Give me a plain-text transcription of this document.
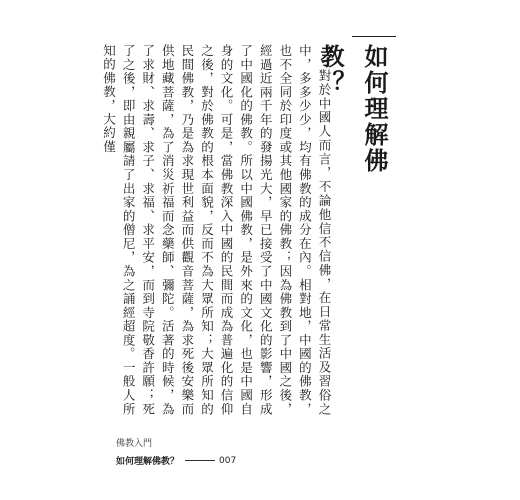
如何理解佛教？

對於中國人而言，不論他信不信佛，在日常生活及習俗之中，多多少少，均有佛教的成分在內。相對地，中國的佛教，也不全同於印度或其他國家的佛教；因為佛教到了中國之後，經過近兩千年的發揚光大，早已接受了中國文化的影響，形成了中國化的佛教。所以中國佛教，是外來的文化，也是中國自身的文化。可是，當佛教深入中國的民間而成為普遍化的信仰之後，對於佛教的根本面貌，反而不為大眾所知；大眾所知的民間佛教，乃是為求現世利益而供觀音菩薩，為求死後安樂而供地藏菩薩，為了消災祈福而念藥師、彌陀。活著的時候，為了求財、求壽、求子、求福、求平安，而到寺院敬香許願；死了之後，即由親屬請了出家的僧尼，為之誦經超度。一般人所知的佛教，大約僅

佛教入門
如何理解佛教？	007
